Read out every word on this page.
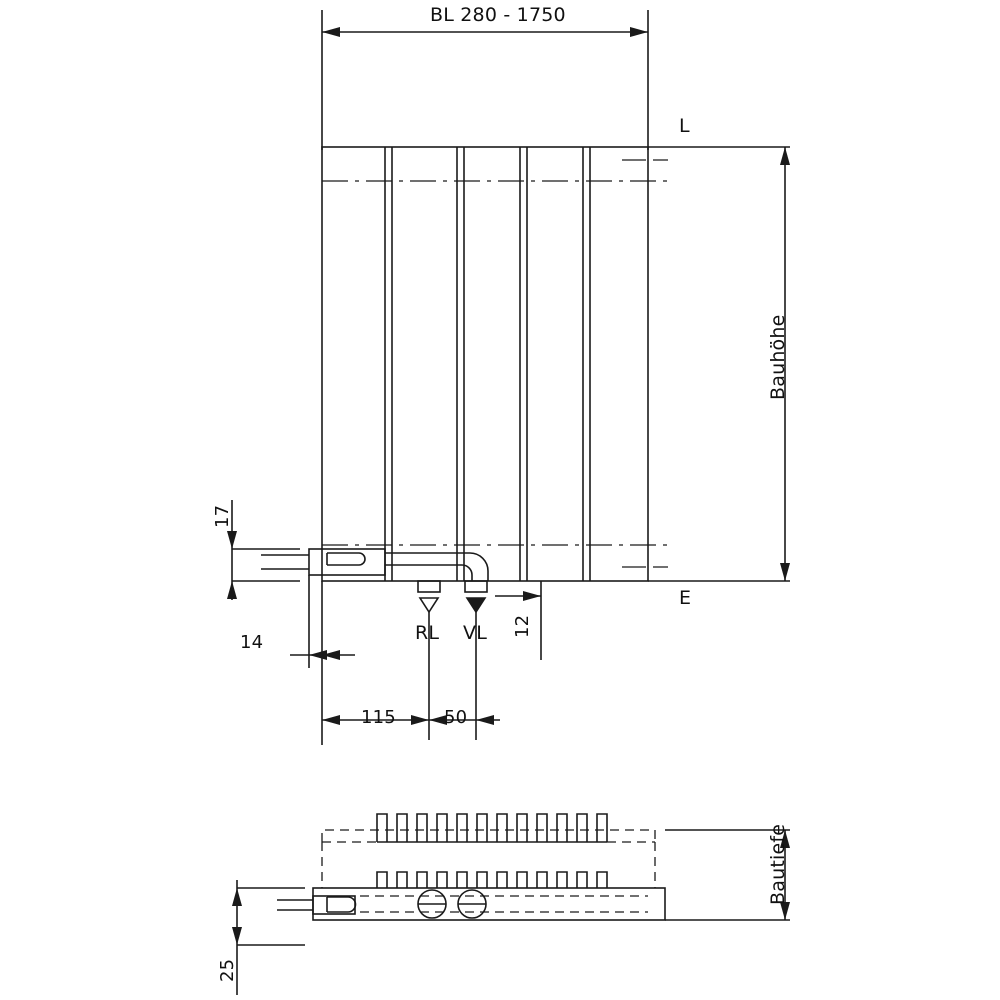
BL 280 - 1750
L
E
Bauhöhe
Bautiefe
17
14
12
115	50
RL VL
25
